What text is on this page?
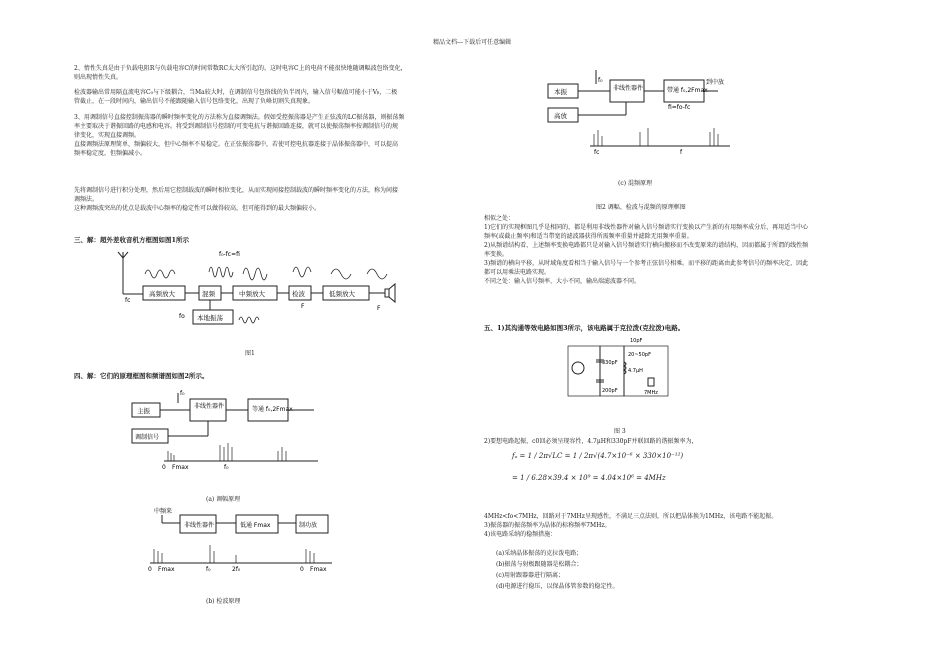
精品文档---下载后可任意编辑
2、惰性失真是由于负载电阻R与负载电容C的时间常数RC太大所引起的。这时电容C上的电荷不能很快地随调幅波包络变化，
则出现惰性失真。
检波器输出常用隔直流电容C₀与下级耦合，当Ma较大时，在调制信号包络线的负半周内，输入信号幅值可能小于Vᵦ，二极
管截止，在一段时间内，输出信号不能跟随输入信号包络变化，出现了负峰切割失真现象。
3、用调制信号直接控制振荡器的瞬时频率变化的方法称为直接调频法。假如受控振荡器是产生正弦波的LC振荡器，则振荡频
率主要取决于谐振回路的电感和电容。将受到调制信号控制的可变电抗与谐振回路连接，就可以使振荡频率按调制信号的规
律变化，实现直接调频。
直接调频法原理简单，频偏较大，但中心频率不易稳定。在正弦振荡器中，若使可控电抗器连接于晶体振荡器中，可以提高
频率稳定度，但频偏减小。
先将调制信号进行积分处理，然后用它控制载波的瞬时相位变化，从而实现间接控制载波的瞬时频率变化的方法，称为间接
调频法。
这种调频波突出的优点是载波中心频率的稳定性可以做得较高，但可能得到的最大频偏较小。
三、解：超外差收音机方框图如图1所示
fc
高频放大	混频	中频放大	检波	低频放大
本地振荡
fo
f₀-fc=fi
F	F
图1
四、解：它们的原理框图和频谱图如图2所示。
主振
非线性器件	等通 f₀,2Fmax
调制信号
f₀
0 Fmax	f₀
(a) 调幅原理
中频来
非线性器件	低通 Fmax	制功放
0 Fmax	f₀	2f₀	0 Fmax
(b) 检波原理
本振	非线性器件	带通 f₀,2Fmax
到中放
高放
f₀
fi=fo-fc
fc	f
(c) 混频原理
图2 调幅、检波与混频的原理框图
相似之处：
1)它们的实现框图几乎是相同的，都是利用非线性器件对输入信号频谱实行变换以产生新的有用频率成分后，再用适当中心
频率(或截止频率)和适当带宽的滤波器获得所需频率重量并滤除无用频率重量。
2)从频谱结构看，上述频率变换电路都只是对输入信号频谱实行横向搬移而不改变原来的谱结构，因而都属于所谓的线性频
率变换。
3)频谱的横向平移，从时域角度看相当于输入信号与一个参考正弦信号相乘。而平移的距离由此参考信号的频率决定，因此
都可以用乘法电路实现。
不同之处：输入信号频率、大小不同，输出端滤波器不同。
五、1)其沟通等效电路如图3所示，该电路属于克拉泼(克拉泼)电路。
10pF
330pF
20~50pF
4.7μH
200pF	7MHz
图 3
2)要想电路起振，c0回必须呈现容性，4.7μH和330pF并联回路的谐振频率为，
fₒ = 1 / 2π√LC = 1 / 2π√(4.7×10⁻⁶ × 330×10⁻¹²)
= 1 / 6.28×39.4 × 10⁹ = 4.04×10⁶ = 4MHz
4MHz<fo<7MHz，回路对于7MHz呈现感性，不满足三点法则，所以把晶体换为1MHz，该电路不能起振。
3)振荡器的振荡频率为晶体的标称频率7MHz。
4)该电路采纳的稳频措施：
(a)采纳晶体振荡的克拉泼电路；
(b)振荡与射极跟随器是松耦合；
(c)用射跟器器进行隔离；
(d)电源进行稳压，以保晶体管参数的稳定性。
